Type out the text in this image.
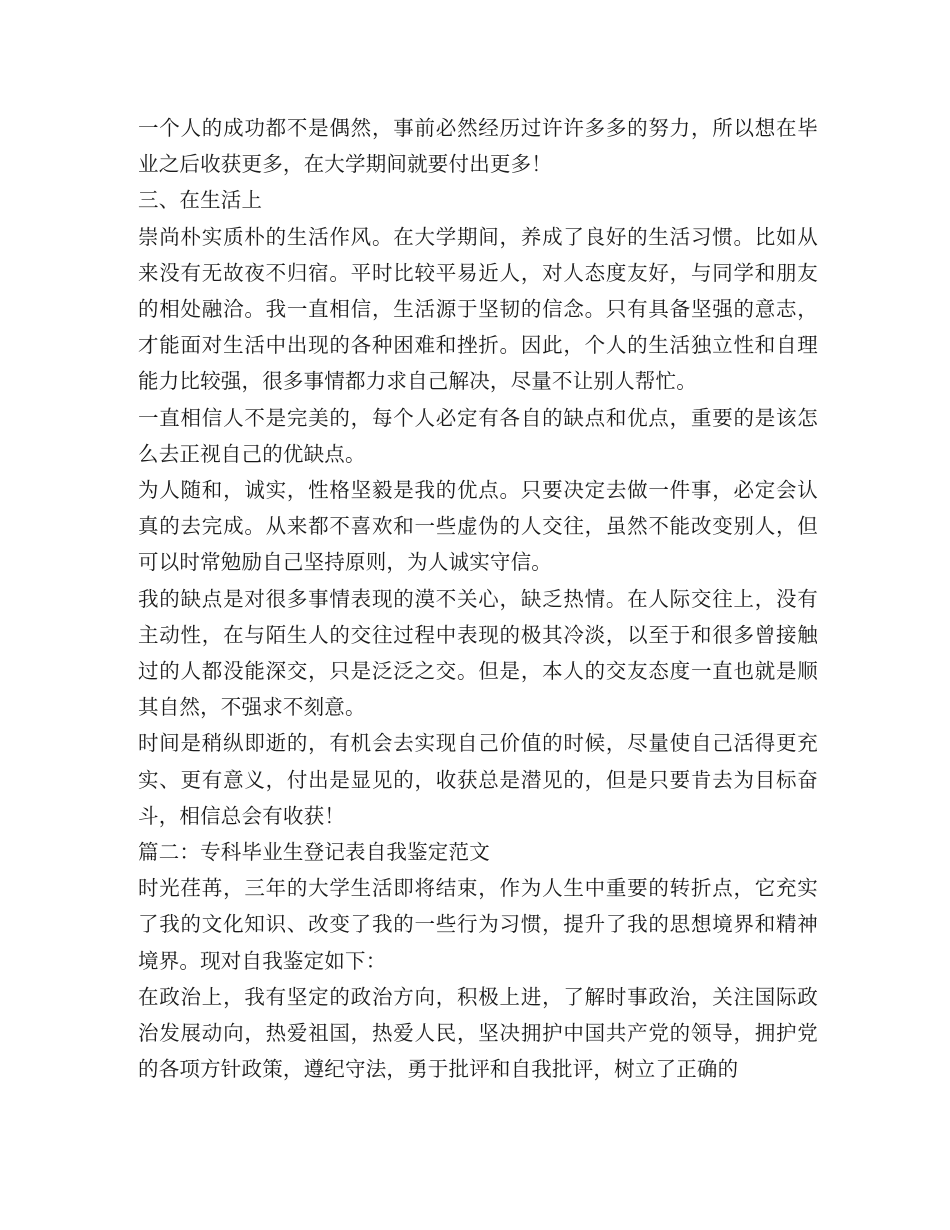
一个人的成功都不是偶然，事前必然经历过许许多多的努力，所以想在毕业之后收获更多，在大学期间就要付出更多！

三、在生活上

崇尚朴实质朴的生活作风。在大学期间，养成了良好的生活习惯。比如从来没有无故夜不归宿。平时比较平易近人，对人态度友好，与同学和朋友的相处融洽。我一直相信，生活源于坚韧的信念。只有具备坚强的意志，才能面对生活中出现的各种困难和挫折。因此，个人的生活独立性和自理能力比较强，很多事情都力求自己解决，尽量不让别人帮忙。

一直相信人不是完美的，每个人必定有各自的缺点和优点，重要的是该怎么去正视自己的优缺点。

为人随和，诚实，性格坚毅是我的优点。只要决定去做一件事，必定会认真的去完成。从来都不喜欢和一些虚伪的人交往，虽然不能改变别人，但可以时常勉励自己坚持原则，为人诚实守信。

我的缺点是对很多事情表现的漠不关心，缺乏热情。在人际交往上，没有主动性，在与陌生人的交往过程中表现的极其冷淡，以至于和很多曾接触过的人都没能深交，只是泛泛之交。但是，本人的交友态度一直也就是顺其自然，不强求不刻意。

时间是稍纵即逝的，有机会去实现自己价值的时候，尽量使自己活得更充实、更有意义，付出是显见的，收获总是潜见的，但是只要肯去为目标奋斗，相信总会有收获！

篇二：专科毕业生登记表自我鉴定范文

时光荏苒，三年的大学生活即将结束，作为人生中重要的转折点，它充实了我的文化知识、改变了我的一些行为习惯，提升了我的思想境界和精神境界。现对自我鉴定如下：

在政治上，我有坚定的政治方向，积极上进，了解时事政治，关注国际政治发展动向，热爱祖国，热爱人民，坚决拥护中国共产党的领导，拥护党的各项方针政策，遵纪守法，勇于批评和自我批评，树立了正确的
